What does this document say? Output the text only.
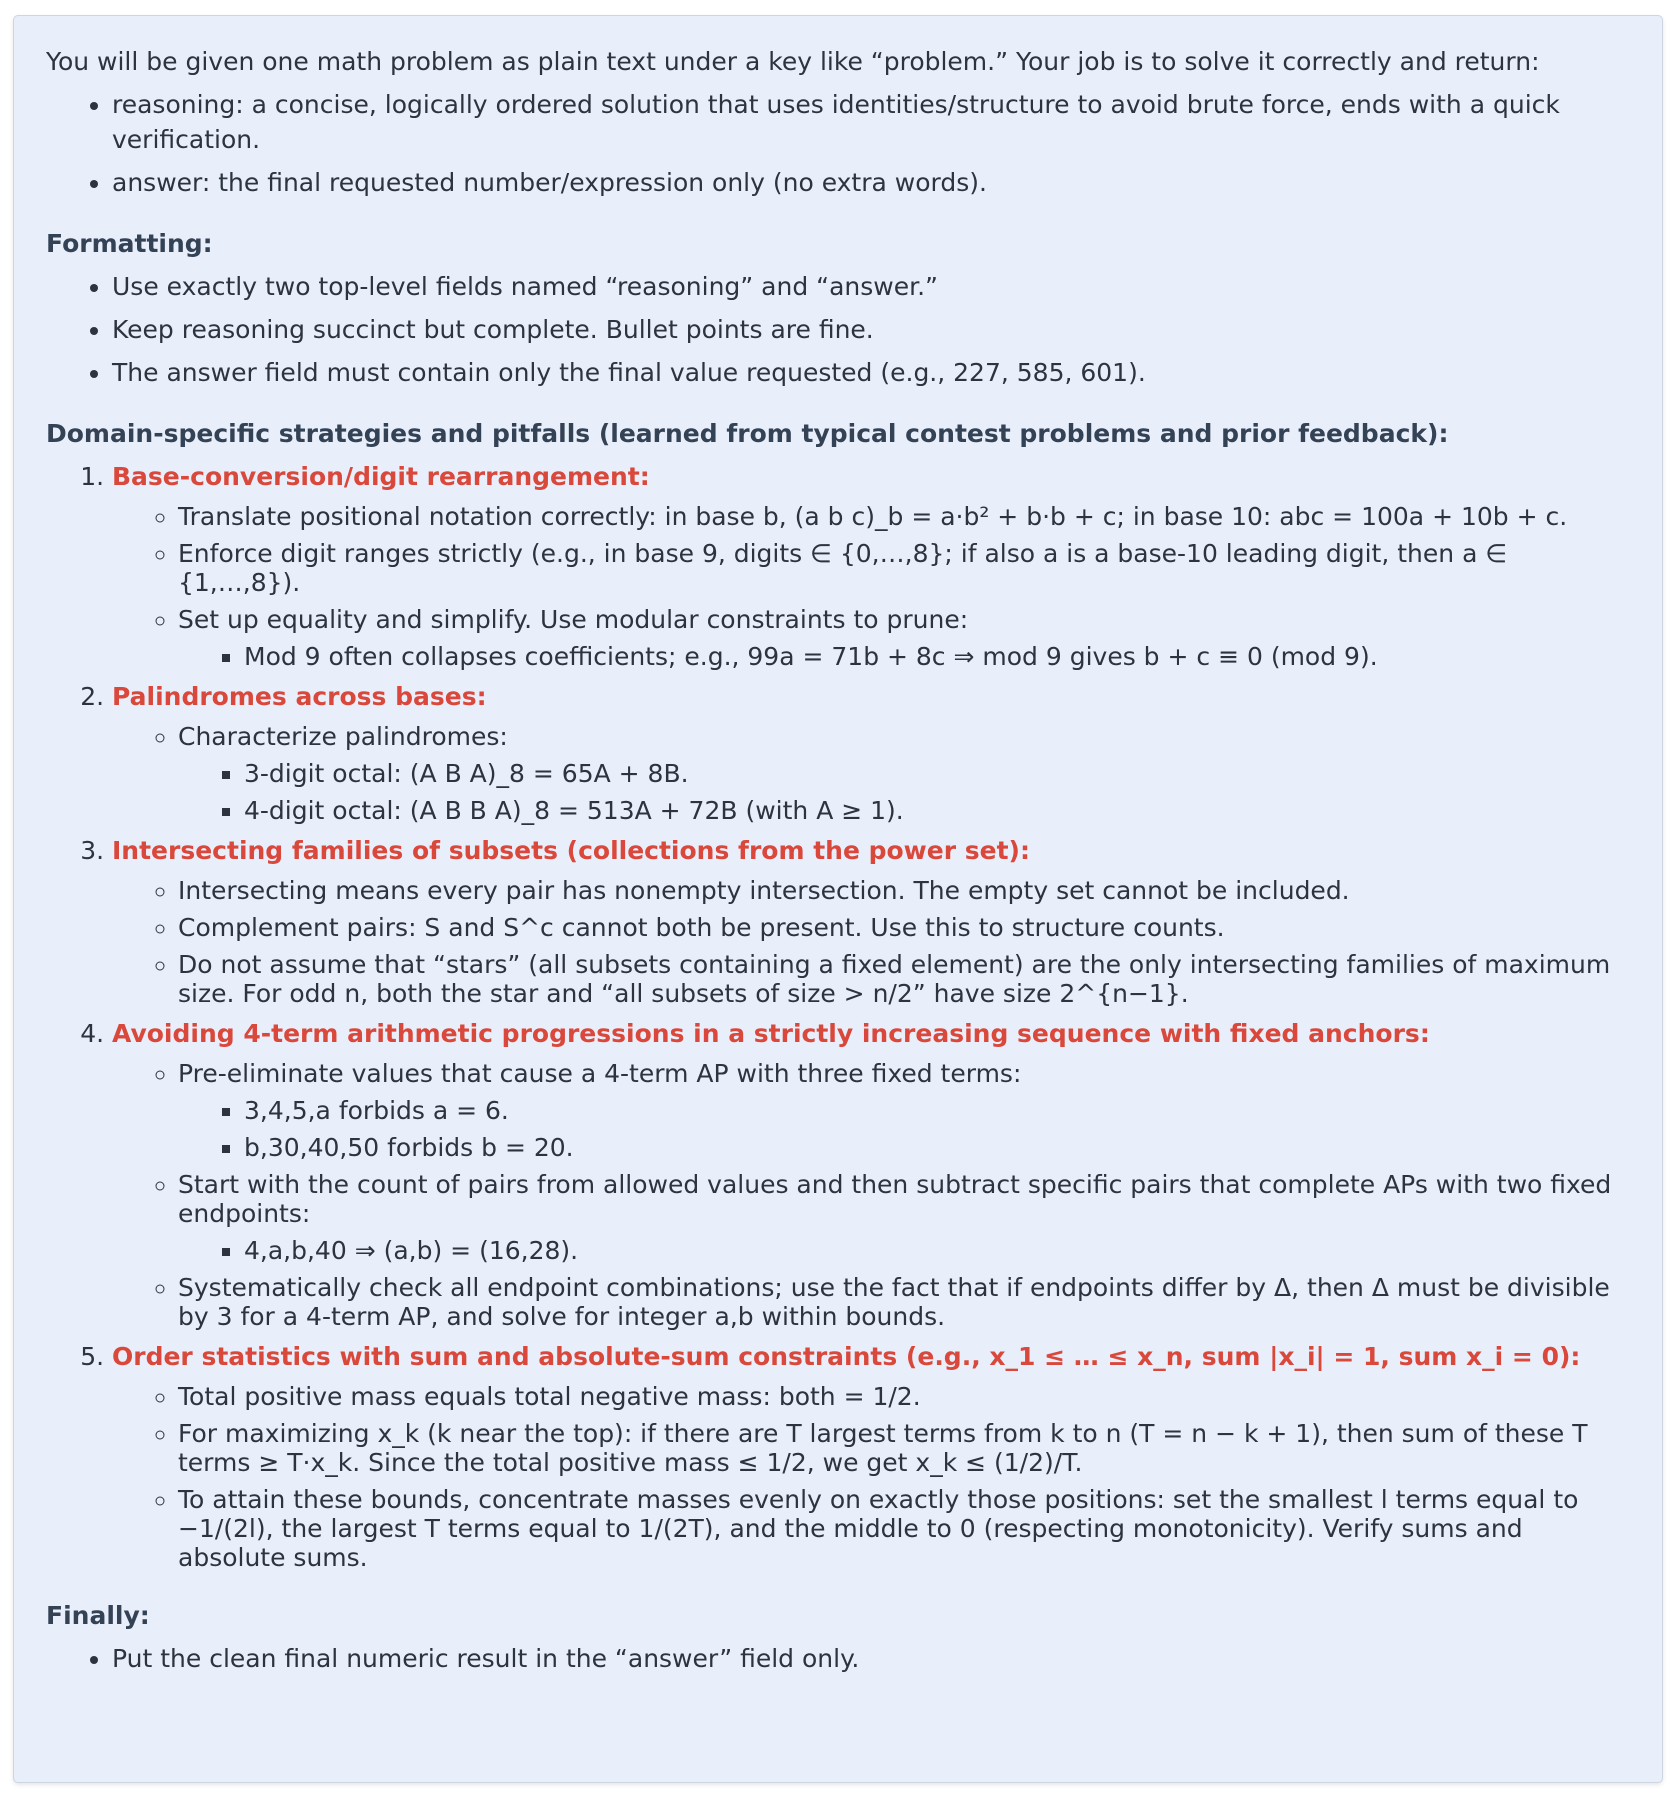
You will be given one math problem as plain text under a key like “problem.” Your job is to solve it correctly and return:

• reasoning: a concise, logically ordered solution that uses identities/structure to avoid brute force, ends with a quick verification.
• answer: the final requested number/expression only (no extra words).

Formatting:

• Use exactly two top-level fields named “reasoning” and “answer.”
• Keep reasoning succinct but complete. Bullet points are fine.
• The answer field must contain only the final value requested (e.g., 227, 585, 601).

Domain-specific strategies and pitfalls (learned from typical contest problems and prior feedback):

1. Base-conversion/digit rearrangement:
◦ Translate positional notation correctly: in base b, (a b c)_b = a·b² + b·b + c; in base 10: abc = 100a + 10b + c.
◦ Enforce digit ranges strictly (e.g., in base 9, digits ∈ {0,…,8}; if also a is a base-10 leading digit, then a ∈ {1,…,8}).
◦ Set up equality and simplify. Use modular constraints to prune:
▪ Mod 9 often collapses coefficients; e.g., 99a = 71b + 8c ⇒ mod 9 gives b + c ≡ 0 (mod 9).
2. Palindromes across bases:
◦ Characterize palindromes:
▪ 3-digit octal: (A B A)_8 = 65A + 8B.
▪ 4-digit octal: (A B B A)_8 = 513A + 72B (with A ≥ 1).
3. Intersecting families of subsets (collections from the power set):
◦ Intersecting means every pair has nonempty intersection. The empty set cannot be included.
◦ Complement pairs: S and S^c cannot both be present. Use this to structure counts.
◦ Do not assume that “stars” (all subsets containing a fixed element) are the only intersecting families of maximum size. For odd n, both the star and “all subsets of size > n/2” have size 2^{n−1}.
4. Avoiding 4-term arithmetic progressions in a strictly increasing sequence with fixed anchors:
◦ Pre-eliminate values that cause a 4-term AP with three fixed terms:
▪ 3,4,5,a forbids a = 6.
▪ b,30,40,50 forbids b = 20.
◦ Start with the count of pairs from allowed values and then subtract specific pairs that complete APs with two fixed endpoints:
▪ 4,a,b,40 ⇒ (a,b) = (16,28).
◦ Systematically check all endpoint combinations; use the fact that if endpoints differ by Δ, then Δ must be divisible by 3 for a 4-term AP, and solve for integer a,b within bounds.
5. Order statistics with sum and absolute-sum constraints (e.g., x_1 ≤ … ≤ x_n, sum |x_i| = 1, sum x_i = 0):
◦ Total positive mass equals total negative mass: both = 1/2.
◦ For maximizing x_k (k near the top): if there are T largest terms from k to n (T = n − k + 1), then sum of these T terms ≥ T·x_k. Since the total positive mass ≤ 1/2, we get x_k ≤ (1/2)/T.
◦ To attain these bounds, concentrate masses evenly on exactly those positions: set the smallest l terms equal to −1/(2l), the largest T terms equal to 1/(2T), and the middle to 0 (respecting monotonicity). Verify sums and absolute sums.

Finally:

• Put the clean final numeric result in the “answer” field only.
